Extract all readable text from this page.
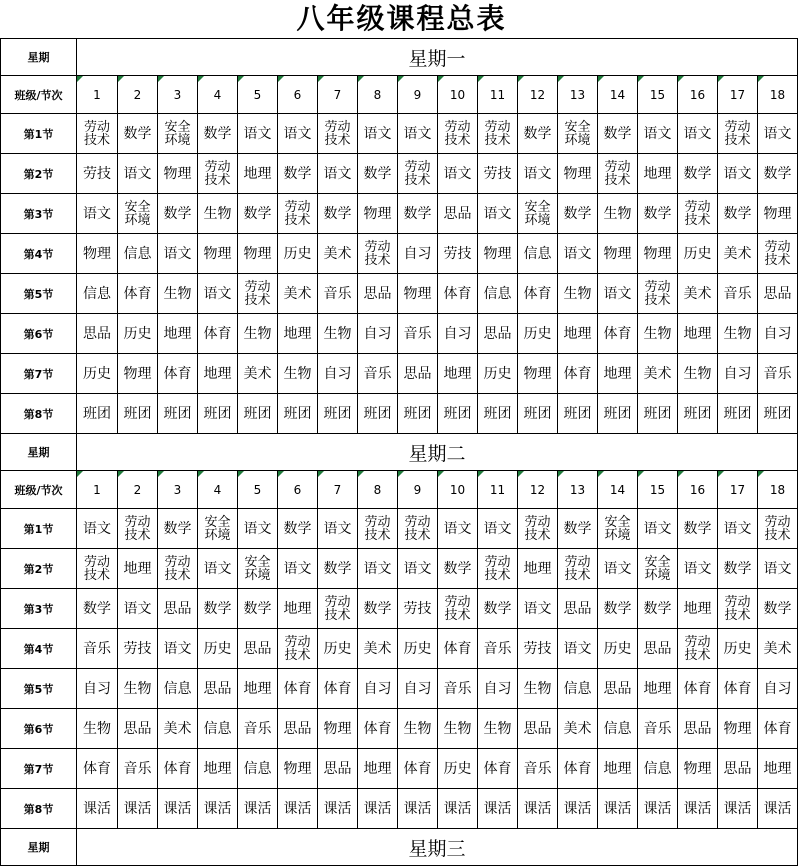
八年级课程总表
星期	星期一																	
班级/节次	1	2	3	4	5	6	7	8	9	10	11	12	13	14	15	16	17	18
第1节	劳动技术	数学	安全环境	数学	语文	语文	劳动技术	语文	语文	劳动技术	劳动技术	数学	安全环境	数学	语文	语文	劳动技术	语文
第2节	劳技	语文	物理	劳动技术	地理	数学	语文	数学	劳动技术	语文	劳技	语文	物理	劳动技术	地理	数学	语文	数学
第3节	语文	安全环境	数学	生物	数学	劳动技术	数学	物理	数学	思品	语文	安全环境	数学	生物	数学	劳动技术	数学	物理
第4节	物理	信息	语文	物理	物理	历史	美术	劳动技术	自习	劳技	物理	信息	语文	物理	物理	历史	美术	劳动技术
第5节	信息	体育	生物	语文	劳动技术	美术	音乐	思品	物理	体育	信息	体育	生物	语文	劳动技术	美术	音乐	思品
第6节	思品	历史	地理	体育	生物	地理	生物	自习	音乐	自习	思品	历史	地理	体育	生物	地理	生物	自习
第7节	历史	物理	体育	地理	美术	生物	自习	音乐	思品	地理	历史	物理	体育	地理	美术	生物	自习	音乐
第8节	班团	班团	班团	班团	班团	班团	班团	班团	班团	班团	班团	班团	班团	班团	班团	班团	班团	班团
星期	星期二																	
班级/节次	1	2	3	4	5	6	7	8	9	10	11	12	13	14	15	16	17	18
第1节	语文	劳动技术	数学	安全环境	语文	数学	语文	劳动技术	劳动技术	语文	语文	劳动技术	数学	安全环境	语文	数学	语文	劳动技术
第2节	劳动技术	地理	劳动技术	语文	安全环境	语文	数学	语文	语文	数学	劳动技术	地理	劳动技术	语文	安全环境	语文	数学	语文
第3节	数学	语文	思品	数学	数学	地理	劳动技术	数学	劳技	劳动技术	数学	语文	思品	数学	数学	地理	劳动技术	数学
第4节	音乐	劳技	语文	历史	思品	劳动技术	历史	美术	历史	体育	音乐	劳技	语文	历史	思品	劳动技术	历史	美术
第5节	自习	生物	信息	思品	地理	体育	体育	自习	自习	音乐	自习	生物	信息	思品	地理	体育	体育	自习
第6节	生物	思品	美术	信息	音乐	思品	物理	体育	生物	生物	生物	思品	美术	信息	音乐	思品	物理	体育
第7节	体育	音乐	体育	地理	信息	物理	思品	地理	体育	历史	体育	音乐	体育	地理	信息	物理	思品	地理
第8节	课活	课活	课活	课活	课活	课活	课活	课活	课活	课活	课活	课活	课活	课活	课活	课活	课活	课活
星期	星期三
